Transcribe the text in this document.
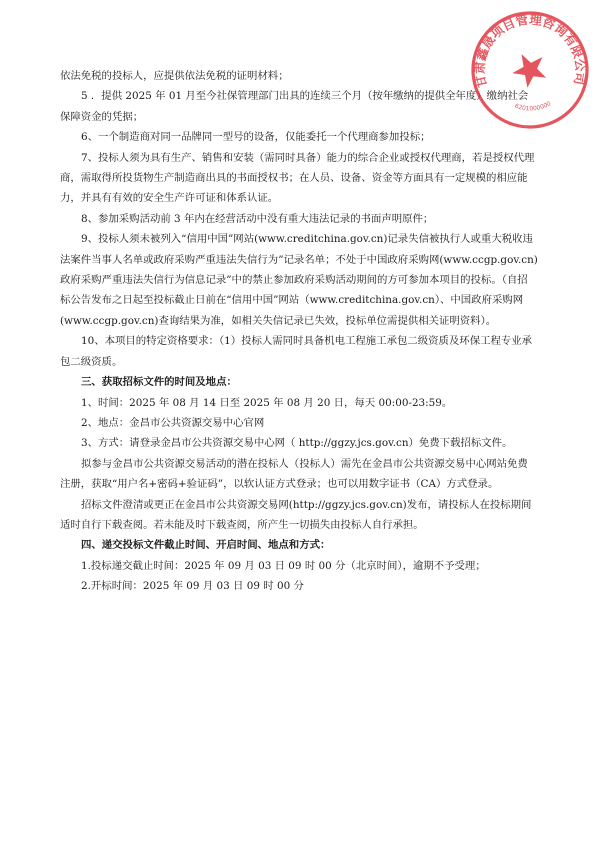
依法免税的投标人，应提供依法免税的证明材料；

5 ．提供 2025 年 01 月至今社保管理部门出具的连续三个月（按年缴纳的提供全年度）缴纳社会保障资金的凭据；

6、一个制造商对同一品牌同一型号的设备，仅能委托一个代理商参加投标；

7、投标人须为具有生产、销售和安装（需同时具备）能力的综合企业或授权代理商，若是授权代理商，需取得所投货物生产制造商出具的书面授权书；在人员、设备、资金等方面具有一定规模的相应能力，并具有有效的安全生产许可证和体系认证。

8、参加采购活动前 3 年内在经营活动中没有重大违法记录的书面声明原件；

9、投标人须未被列入“信用中国”网站(www.creditchina.gov.cn)记录失信被执行人或重大税收违法案件当事人名单或政府采购严重违法失信行为”记录名单；不处于中国政府采购网(www.ccgp.gov.cn)政府采购严重违法失信行为信息记录”中的禁止参加政府采购活动期间的方可参加本项目的投标。（自招标公告发布之日起至投标截止日前在“信用中国”网站（www.creditchina.gov.cn）、中国政府采购网(www.ccgp.gov.cn)查询结果为准，如相关失信记录已失效，投标单位需提供相关证明资料）。

10、本项目的特定资格要求：（1）投标人需同时具备机电工程施工承包二级资质及环保工程专业承包二级资质。

三、获取招标文件的时间及地点：

1、时间：2025 年 08 月 14 日至 2025 年 08 月 20 日，每天 00:00-23:59。

2、地点：金昌市公共资源交易中心官网

3、方式：请登录金昌市公共资源交易中心网（ http://ggzy.jcs.gov.cn）免费下载招标文件。

拟参与金昌市公共资源交易活动的潜在投标人（投标人）需先在金昌市公共资源交易中心网站免费注册，获取“用户名+密码+验证码”，以软认证方式登录；也可以用数字证书（CA）方式登录。

招标文件澄清或更正在金昌市公共资源交易网(http://ggzy.jcs.gov.cn)发布，请投标人在投标期间适时自行下载查阅。若未能及时下载查阅，所产生一切损失由投标人自行承担。

四、递交投标文件截止时间、开启时间、地点和方式：

1.投标递交截止时间：2025 年 09 月 03 日 09 时 00 分（北京时间），逾期不予受理；

2.开标时间：2025 年 09 月 03 日 09 时 00 分

甘肃鑫晟项目管理咨询有限公司
6201000000
